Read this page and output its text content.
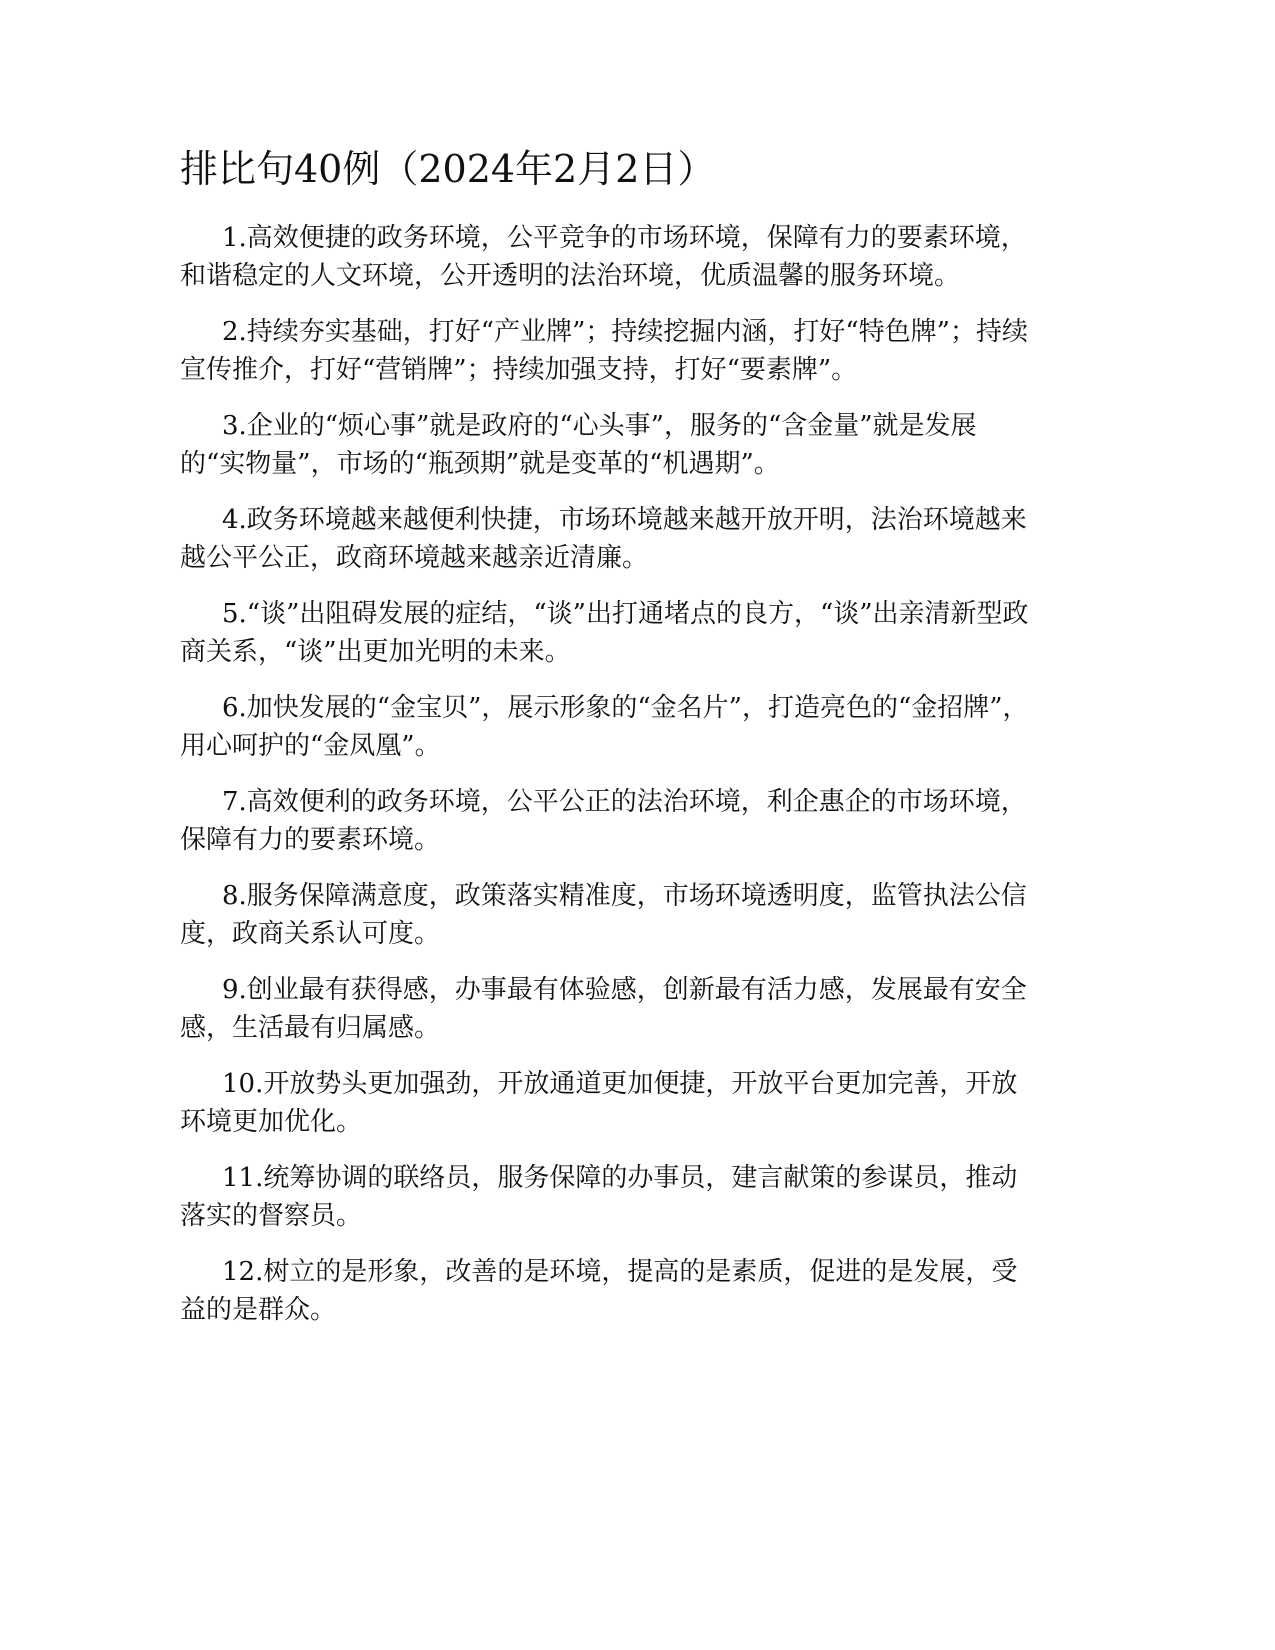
排比句40例（2024年2月2日）

1.高效便捷的政务环境，公平竞争的市场环境，保障有力的要素环境，和谐稳定的人文环境，公开透明的法治环境，优质温馨的服务环境。

2.持续夯实基础，打好“产业牌”；持续挖掘内涵，打好“特色牌”；持续宣传推介，打好“营销牌”；持续加强支持，打好“要素牌”。

3.企业的“烦心事”就是政府的“心头事”，服务的“含金量”就是发展的“实物量”，市场的“瓶颈期”就是变革的“机遇期”。

4.政务环境越来越便利快捷，市场环境越来越开放开明，法治环境越来越公平公正，政商环境越来越亲近清廉。

5.“谈”出阻碍发展的症结，“谈”出打通堵点的良方，“谈”出亲清新型政商关系，“谈”出更加光明的未来。

6.加快发展的“金宝贝”，展示形象的“金名片”，打造亮色的“金招牌”，用心呵护的“金凤凰”。

7.高效便利的政务环境，公平公正的法治环境，利企惠企的市场环境，保障有力的要素环境。

8.服务保障满意度，政策落实精准度，市场环境透明度，监管执法公信度，政商关系认可度。

9.创业最有获得感，办事最有体验感，创新最有活力感，发展最有安全感，生活最有归属感。

10.开放势头更加强劲，开放通道更加便捷，开放平台更加完善，开放环境更加优化。

11.统筹协调的联络员，服务保障的办事员，建言献策的参谋员，推动落实的督察员。

12.树立的是形象，改善的是环境，提高的是素质，促进的是发展，受益的是群众。
